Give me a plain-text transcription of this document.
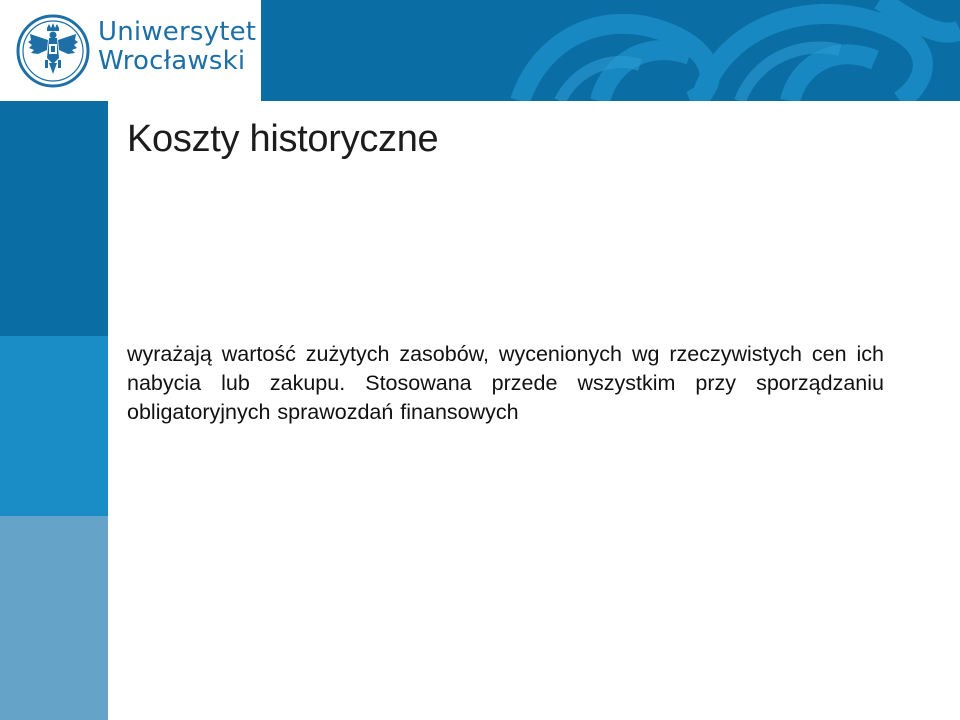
Uniwersytet
Wrocławski
Koszty historyczne

wyrażają wartość zużytych zasobów, wycenionych wg rzeczywistych cen ich nabycia lub zakupu. Stosowana przede wszystkim przy sporządzaniu obligatoryjnych sprawozdań finansowych
